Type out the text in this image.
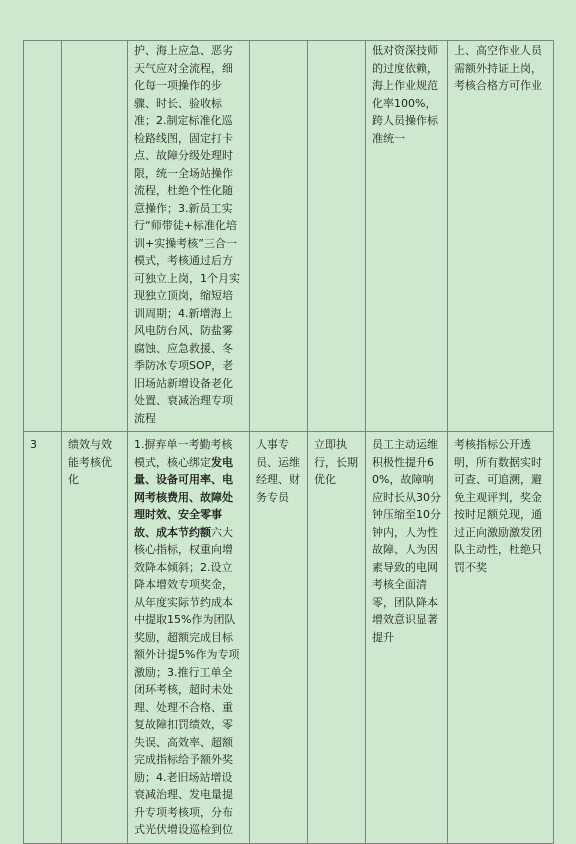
		护、海上应急、恶劣天气应对全流程，细化每一项操作的步骤、时长、验收标准；2.制定标准化巡检路线图，固定打卡点、故障分级处理时限，统一全场站操作流程，杜绝个性化随意操作；3.新员工实行“师带徒+标准化培训+实操考核”三合一模式，考核通过后方可独立上岗，1个月实现独立顶岗，缩短培训周期；4.新增海上风电防台风、防盐雾腐蚀、应急救援、冬季防冰专项SOP，老旧场站新增设备老化处置、衰减治理专项流程			低对资深技师的过度依赖，海上作业规范化率100%，跨人员操作标准统一	上、高空作业人员需额外持证上岗，考核合格方可作业
3	绩效与效能考核优化	1.摒弃单一考勤考核模式，核心绑定发电量、设备可用率、电网考核费用、故障处理时效、安全零事故、成本节约额六大核心指标，权重向增效降本倾斜；2.设立降本增效专项奖金，从年度实际节约成本中提取15%作为团队奖励，超额完成目标额外计提5%作为专项激励；3.推行工单全闭环考核，超时未处理、处理不合格、重复故障扣罚绩效，零失误、高效率、超额完成指标给予额外奖励；4.老旧场站增设衰减治理、发电量提升专项考核项，分布式光伏增设巡检到位	人事专员、运维经理、财务专员	立即执行，长期优化	员工主动运维积极性提升60%，故障响应时长从30分钟压缩至10分钟内，人为性故障、人为因素导致的电网考核全面清零，团队降本增效意识显著提升	考核指标公开透明，所有数据实时可查、可追溯，避免主观评判，奖金按时足额兑现，通过正向激励激发团队主动性，杜绝只罚不奖
